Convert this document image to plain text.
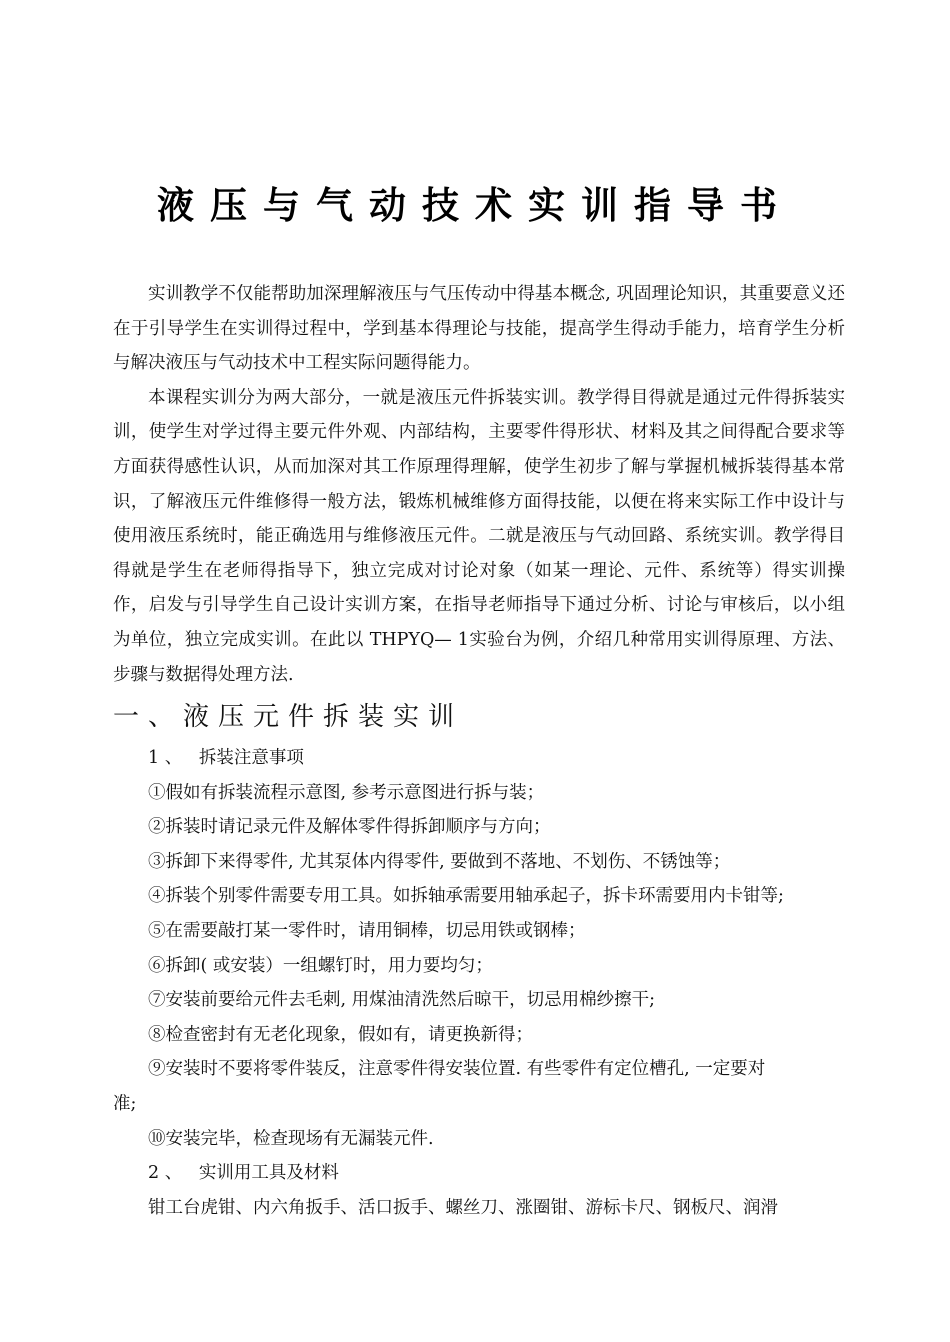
液压与气动技术实训指导书

实训教学不仅能帮助加深理解液压与气压传动中得基本概念, 巩固理论知识，其重要意义还在于引导学生在实训得过程中，学到基本得理论与技能，提高学生得动手能力，培育学生分析与解决液压与气动技术中工程实际问题得能力。

本课程实训分为两大部分，一就是液压元件拆装实训。教学得目得就是通过元件得拆装实训，使学生对学过得主要元件外观、内部结构，主要零件得形状、材料及其之间得配合要求等方面获得感性认识，从而加深对其工作原理得理解，使学生初步了解与掌握机械拆装得基本常识，了解液压元件维修得一般方法，锻炼机械维修方面得技能，以便在将来实际工作中设计与使用液压系统时，能正确选用与维修液压元件。二就是液压与气动回路、系统实训。教学得目得就是学生在老师得指导下，独立完成对讨论对象（如某一理论、元件、系统等）得实训操作，启发与引导学生自己设计实训方案，在指导老师指导下通过分析、讨论与审核后，以小组为单位，独立完成实训。在此以 THPYQ— 1实验台为例，介绍几种常用实训得原理、方法、步骤与数据得处理方法.

一、液压元件拆装实训
1 、   拆装注意事项
①假如有拆装流程示意图, 参考示意图进行拆与装；
②拆装时请记录元件及解体零件得拆卸顺序与方向；
③拆卸下来得零件, 尤其泵体内得零件, 要做到不落地、不划伤、不锈蚀等；
④拆装个别零件需要专用工具。如拆轴承需要用轴承起子，拆卡环需要用内卡钳等;
⑤在需要敲打某一零件时，请用铜棒，切忌用铁或钢棒；
⑥拆卸( 或安装）一组螺钉时，用力要均匀；
⑦安装前要给元件去毛刺, 用煤油清洗然后晾干，切忌用棉纱擦干;
⑧检查密封有无老化现象，假如有，请更换新得；
⑨安装时不要将零件装反，注意零件得安装位置. 有些零件有定位槽孔, 一定要对
准;
⑩安装完毕，检查现场有无漏装元件.
2 、   实训用工具及材料
钳工台虎钳、内六角扳手、活口扳手、螺丝刀、涨圈钳、游标卡尺、钢板尺、润滑
